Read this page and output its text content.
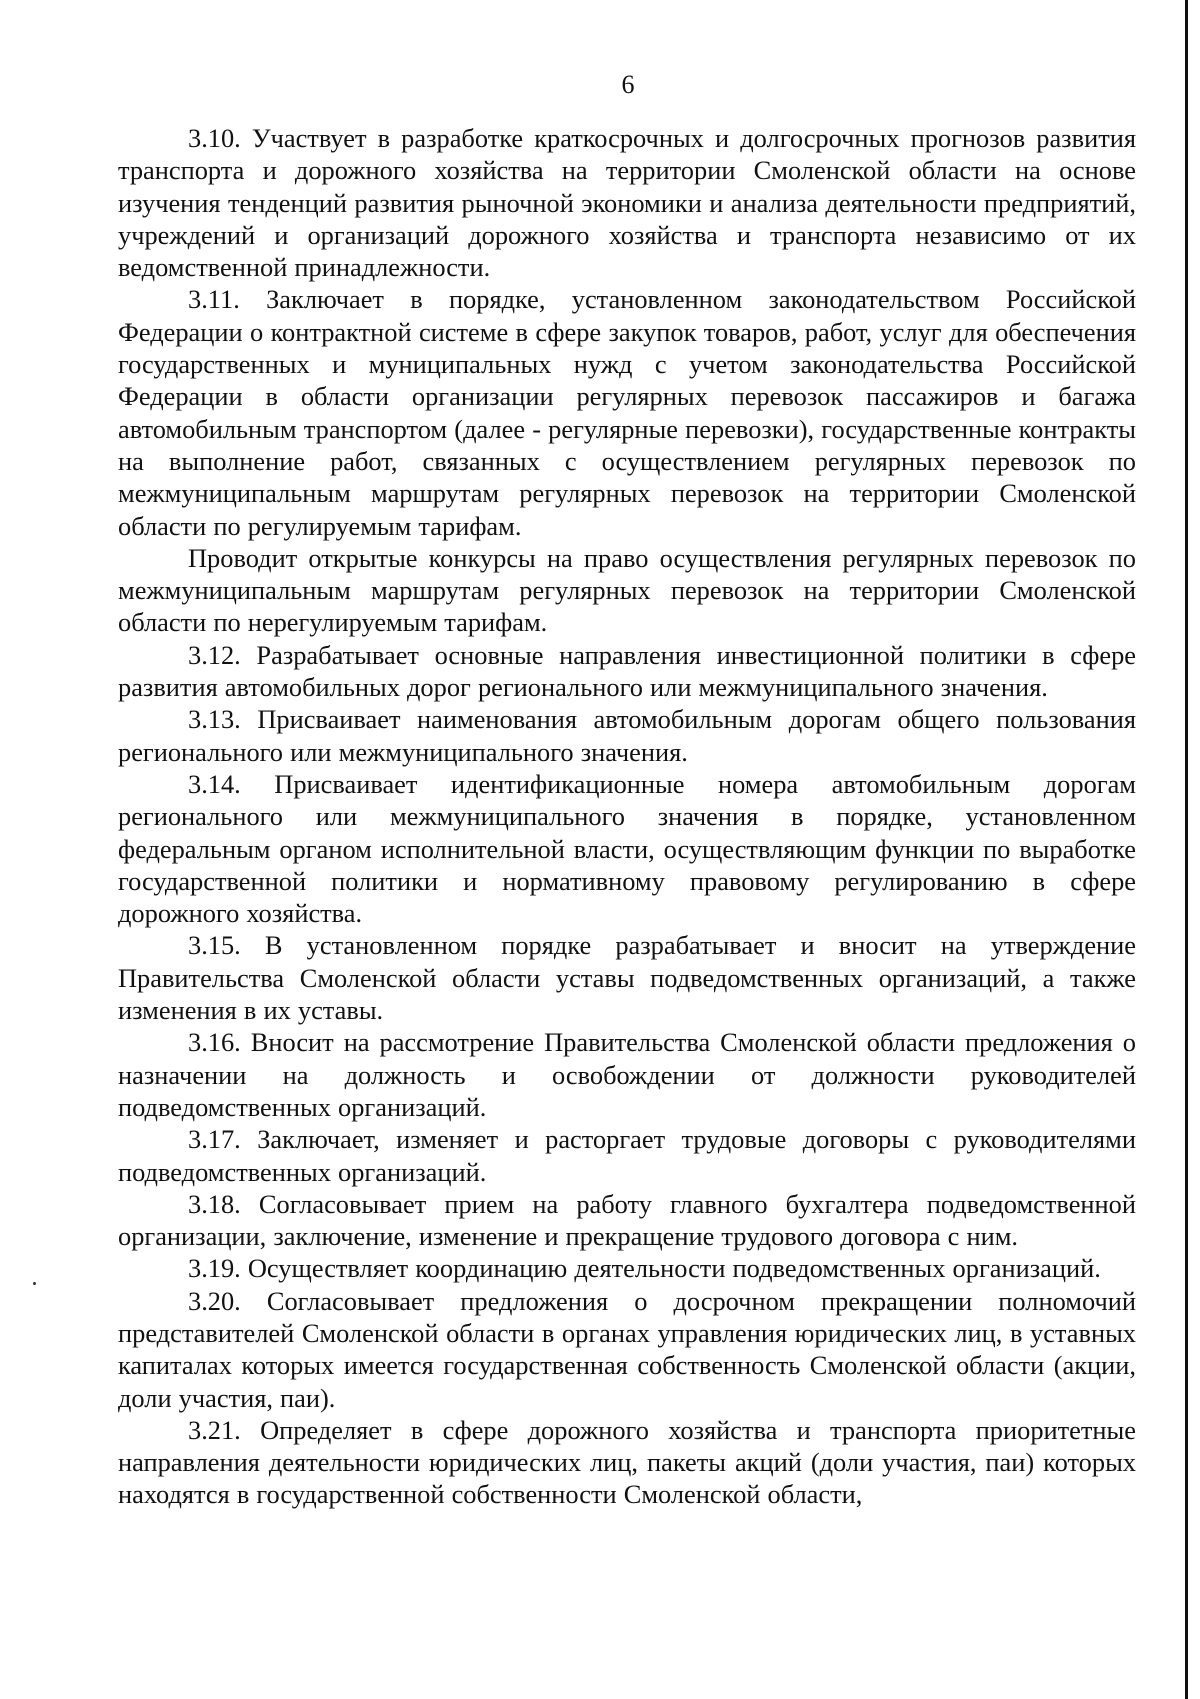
6

3.10. Участвует в разработке краткосрочных и долгосрочных прогнозов развития транспорта и дорожного хозяйства на территории Смоленской области на основе изучения тенденций развития рыночной экономики и анализа деятельности предприятий, учреждений и организаций дорожного хозяйства и транспорта независимо от их ведомственной принадлежности.

3.11. Заключает в порядке, установленном законодательством Российской Федерации о контрактной системе в сфере закупок товаров, работ, услуг для обеспечения государственных и муниципальных нужд с учетом законодательства Российской Федерации в области организации регулярных перевозок пассажиров и багажа автомобильным транспортом (далее - регулярные перевозки), государственные контракты на выполнение работ, связанных с осуществлением регулярных перевозок по межмуниципальным маршрутам регулярных перевозок на территории Смоленской области по регулируемым тарифам.

Проводит открытые конкурсы на право осуществления регулярных перевозок по межмуниципальным маршрутам регулярных перевозок на территории Смоленской области по нерегулируемым тарифам.

3.12. Разрабатывает основные направления инвестиционной политики в сфере развития автомобильных дорог регионального или межмуниципального значения.

3.13. Присваивает наименования автомобильным дорогам общего пользования регионального или межмуниципального значения.

3.14. Присваивает идентификационные номера автомобильным дорогам регионального или межмуниципального значения в порядке, установленном федеральным органом исполнительной власти, осуществляющим функции по выработке государственной политики и нормативному правовому регулированию в сфере дорожного хозяйства.

3.15. В установленном порядке разрабатывает и вносит на утверждение Правительства Смоленской области уставы подведомственных организаций, а также изменения в их уставы.

3.16. Вносит на рассмотрение Правительства Смоленской области предложения о назначении на должность и освобождении от должности руководителей подведомственных организаций.

3.17. Заключает, изменяет и расторгает трудовые договоры с руководителями подведомственных организаций.

3.18. Согласовывает прием на работу главного бухгалтера подведомственной организации, заключение, изменение и прекращение трудового договора с ним.

3.19. Осуществляет координацию деятельности подведомственных организаций.

3.20. Согласовывает предложения о досрочном прекращении полномочий представителей Смоленской области в органах управления юридических лиц, в уставных капиталах которых имеется государственная собственность Смоленской области (акции, доли участия, паи).

3.21. Определяет в сфере дорожного хозяйства и транспорта приоритетные направления деятельности юридических лиц, пакеты акций (доли участия, паи) которых находятся в государственной собственности Смоленской области,
